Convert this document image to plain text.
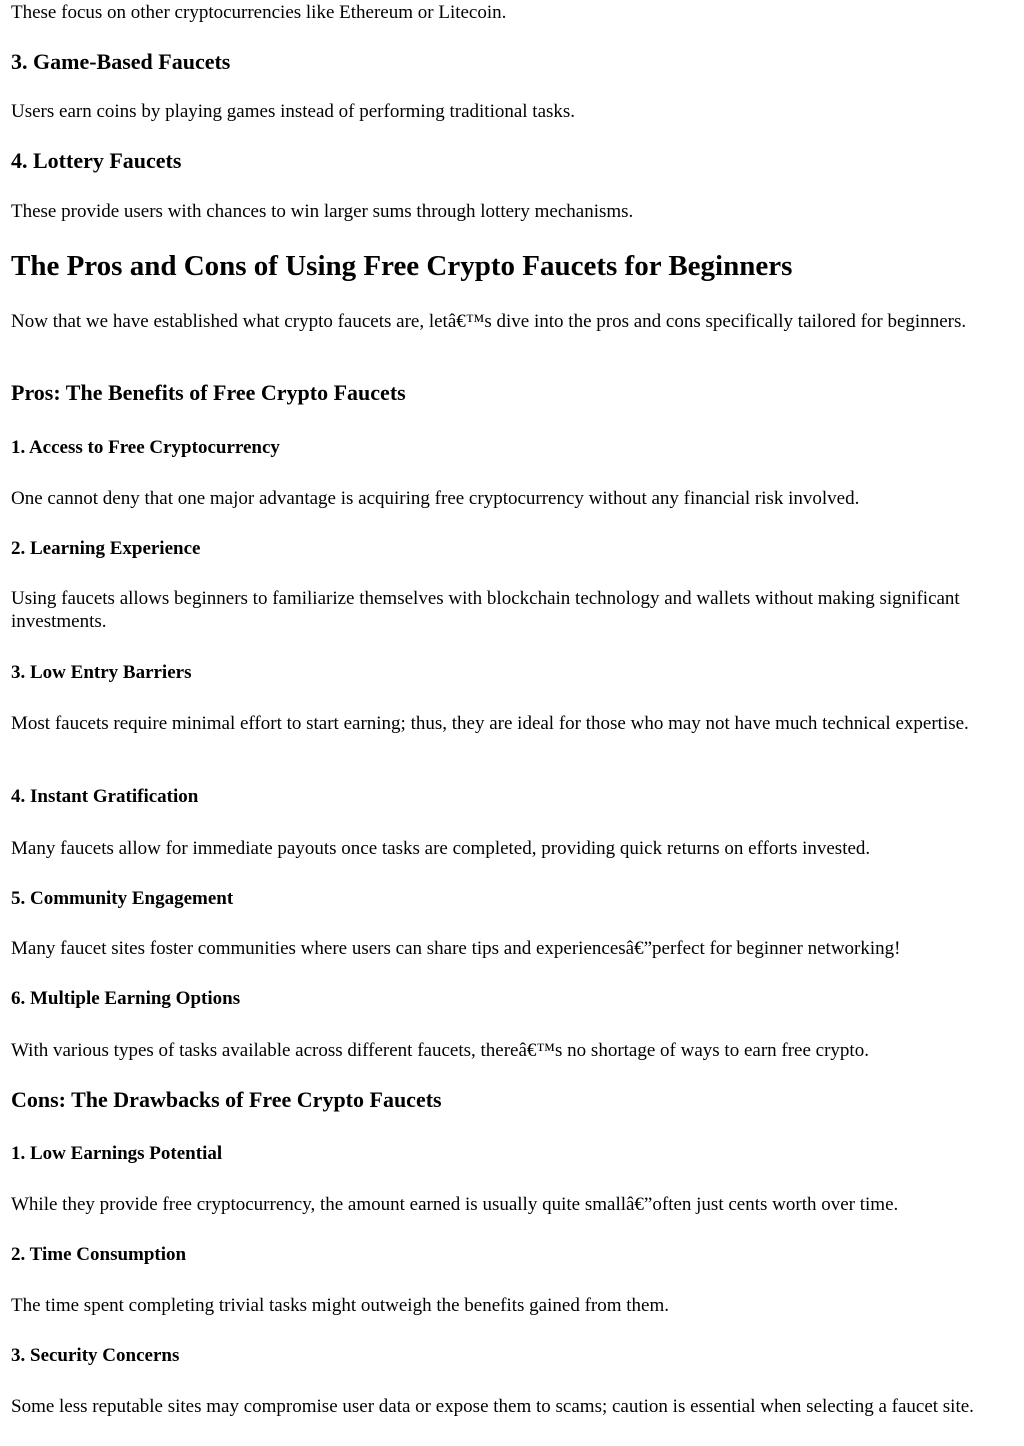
These focus on other cryptocurrencies like Ethereum or Litecoin.

3. Game-Based Faucets

Users earn coins by playing games instead of performing traditional tasks.

4. Lottery Faucets

These provide users with chances to win larger sums through lottery mechanisms.

The Pros and Cons of Using Free Crypto Faucets for Beginners

Now that we have established what crypto faucets are, letâ€™s dive into the pros and cons specifically tailored for beginners.

Pros: The Benefits of Free Crypto Faucets
1. Access to Free Cryptocurrency

One cannot deny that one major advantage is acquiring free cryptocurrency without any financial risk involved.

2. Learning Experience

Using faucets allows beginners to familiarize themselves with blockchain technology and wallets without making significant investments.

3. Low Entry Barriers

Most faucets require minimal effort to start earning; thus, they are ideal for those who may not have much technical expertise.

4. Instant Gratification

Many faucets allow for immediate payouts once tasks are completed, providing quick returns on efforts invested.

5. Community Engagement

Many faucet sites foster communities where users can share tips and experiencesâ€”perfect for beginner networking!

6. Multiple Earning Options

With various types of tasks available across different faucets, thereâ€™s no shortage of ways to earn free crypto.

Cons: The Drawbacks of Free Crypto Faucets
1. Low Earnings Potential

While they provide free cryptocurrency, the amount earned is usually quite smallâ€”often just cents worth over time.

2. Time Consumption

The time spent completing trivial tasks might outweigh the benefits gained from them.

3. Security Concerns

Some less reputable sites may compromise user data or expose them to scams; caution is essential when selecting a faucet site.
